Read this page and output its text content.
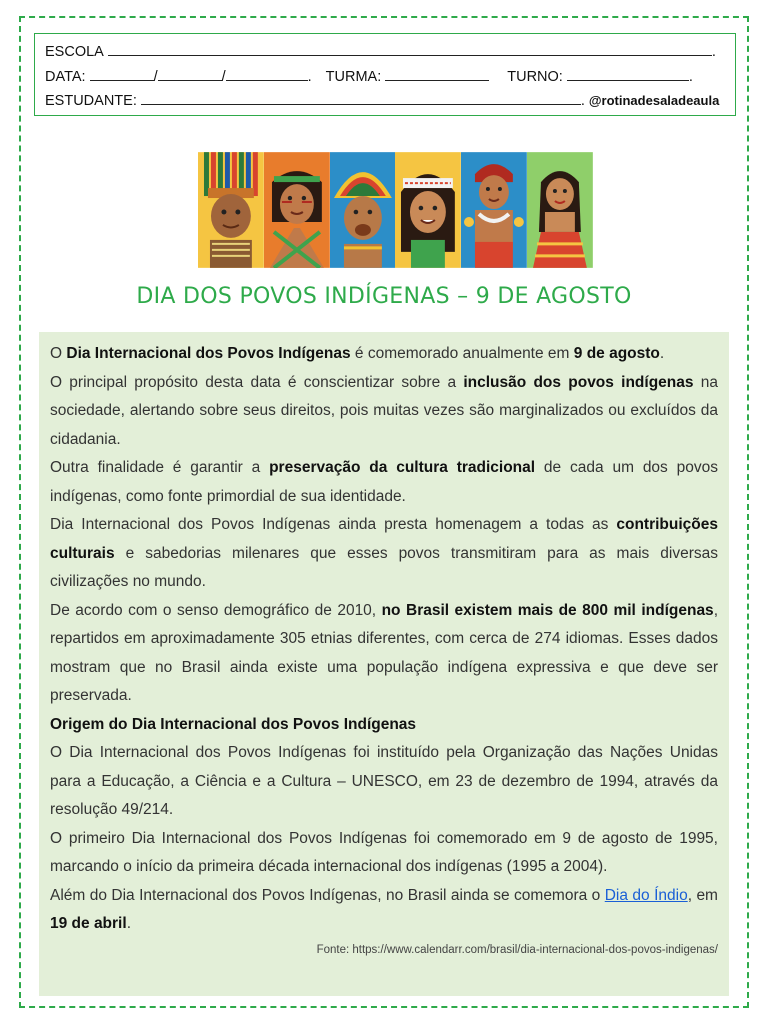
ESCOLA	.
DATA:	/	/	. TURMA:	TURNO:	.
ESTUDANTE:	. @rotinadesaladeaula
DIA DOS POVOS INDÍGENAS – 9 DE AGOSTO

O Dia Internacional dos Povos Indígenas é comemorado anualmente em 9 de agosto.

O principal propósito desta data é conscientizar sobre a inclusão dos povos indígenas na sociedade, alertando sobre seus direitos, pois muitas vezes são marginalizados ou excluídos da cidadania.

Outra finalidade é garantir a preservação da cultura tradicional de cada um dos povos indígenas, como fonte primordial de sua identidade.

Dia Internacional dos Povos Indígenas ainda presta homenagem a todas as contribuições culturais e sabedorias milenares que esses povos transmitiram para as mais diversas civilizações no mundo.

De acordo com o senso demográfico de 2010, no Brasil existem mais de 800 mil indígenas, repartidos em aproximadamente 305 etnias diferentes, com cerca de 274 idiomas. Esses dados mostram que no Brasil ainda existe uma população indígena expressiva e que deve ser preservada.

Origem do Dia Internacional dos Povos Indígenas

O Dia Internacional dos Povos Indígenas foi instituído pela Organização das Nações Unidas para a Educação, a Ciência e a Cultura – UNESCO, em 23 de dezembro de 1994, através da resolução 49/214.

O primeiro Dia Internacional dos Povos Indígenas foi comemorado em 9 de agosto de 1995, marcando o início da primeira década internacional dos indígenas (1995 a 2004).

Além do Dia Internacional dos Povos Indígenas, no Brasil ainda se comemora o Dia do Índio, em 19 de abril.

Fonte: https://www.calendarr.com/brasil/dia-internacional-dos-povos-indigenas/
